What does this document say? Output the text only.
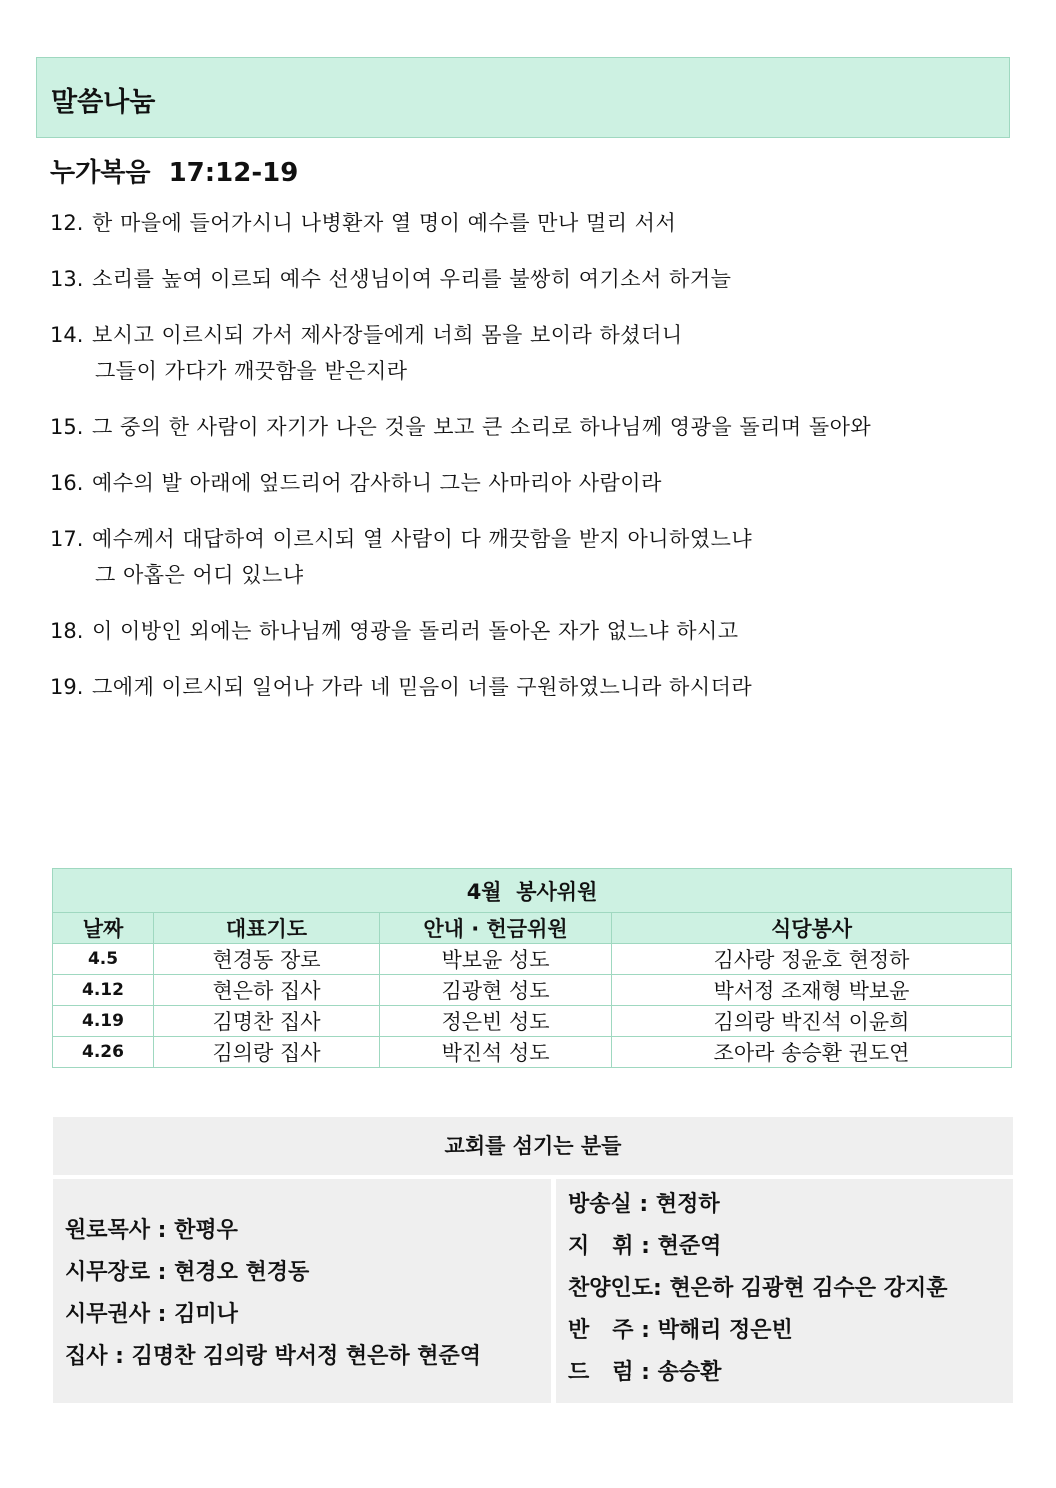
말씀나눔
누가복음  17:12-19
12. 한 마을에 들어가시니 나병환자 열 명이 예수를 만나 멀리 서서
13. 소리를 높여 이르되 예수 선생님이여 우리를 불쌍히 여기소서 하거늘
14. 보시고 이르시되 가서 제사장들에게 너희 몸을 보이라 하셨더니
그들이 가다가 깨끗함을 받은지라
15. 그 중의 한 사람이 자기가 나은 것을 보고 큰 소리로 하나님께 영광을 돌리며 돌아와
16. 예수의 발 아래에 엎드리어 감사하니 그는 사마리아 사람이라
17. 예수께서 대답하여 이르시되 열 사람이 다 깨끗함을 받지 아니하였느냐
그 아홉은 어디 있느냐
18. 이 이방인 외에는 하나님께 영광을 돌리러 돌아온 자가 없느냐 하시고
19. 그에게 이르시되 일어나 가라 네 믿음이 너를 구원하였느니라 하시더라
4월  봉사위원			
날짜	대표기도	안내 · 헌금위원	식당봉사
4.5	현경동 장로	박보윤 성도	김사랑 정윤호 현정하
4.12	현은하 집사	김광현 성도	박서정 조재형 박보윤
4.19	김명찬 집사	정은빈 성도	김의랑 박진석 이윤희
4.26	김의랑 집사	박진석 성도	조아라 송승환 권도연
교회를 섬기는 분들
원로목사 : 한평우
시무장로 : 현경오 현경동
시무권사 : 김미나
집사 : 김명찬 김의랑 박서정 현은하 현준역
방송실 : 현정하
지   휘 : 현준역
찬양인도: 현은하 김광현 김수은 강지훈
반   주 : 박해리 정은빈
드   럼 : 송승환
